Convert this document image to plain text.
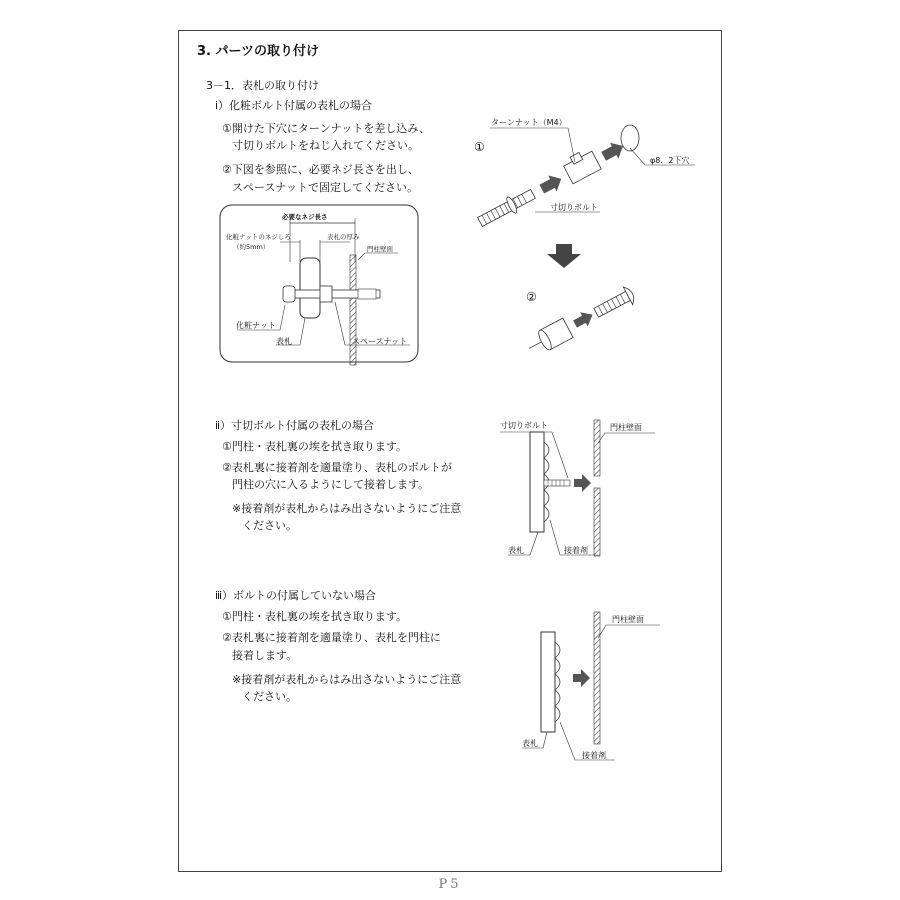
3. パーツの取り付け
3－1．表札の取り付け
ⅰ）化粧ボルト付属の表札の場合
①開けた下穴にターンナットを差し込み、
寸切りボルトをねじ入れてください。
②下図を参照に、必要ネジ長さを出し、
スペースナットで固定してください。
ⅱ）寸切ボルト付属の表札の場合
①門柱・表札裏の埃を拭き取ります。
②表札裏に接着剤を適量塗り、表札のボルトが
門柱の穴に入るようにして接着します。
※接着剤が表札からはみ出さないようにご注意
ください。
ⅲ）ボルトの付属していない場合
①門柱・表札裏の埃を拭き取ります。
②表札裏に接着剤を適量塗り、表札を門柱に
接着します。
※接着剤が表札からはみ出さないようにご注意
ください。
必要なネジ長さ
化粧ナットのネジしろ
（約5mm）
表札の厚み
門柱壁面
化粧ナット
表札	スペースナット
①
ターンナット（M4）
φ8．2下穴
寸切りボルト
②
寸切りボルト	門柱壁面
表札	接着剤
門柱壁面
表札
接着剤
P5
